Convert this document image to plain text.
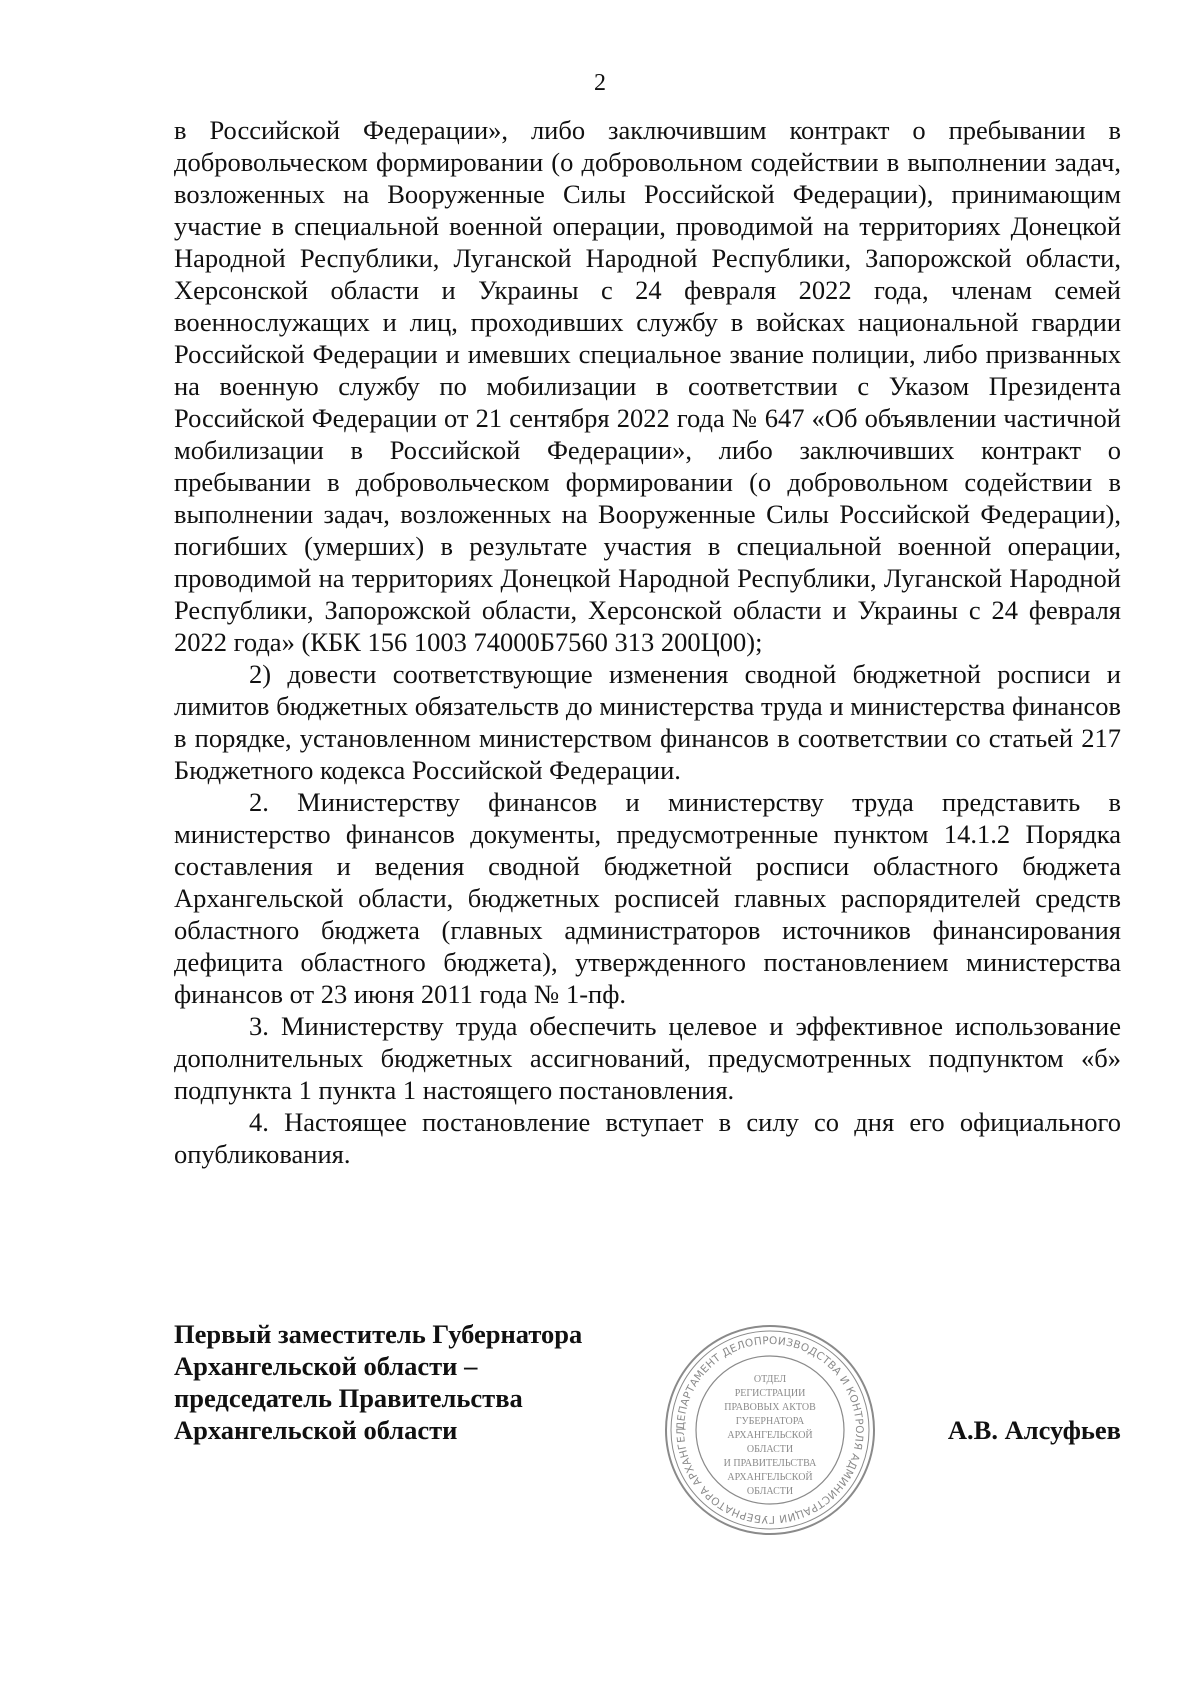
2

в Российской Федерации», либо заключившим контракт о пребывании в добровольческом формировании (о добровольном содействии в выполнении задач, возложенных на Вооруженные Силы Российской Федерации), принимающим участие в специальной военной операции, проводимой на территориях Донецкой Народной Республики, Луганской Народной Республики, Запорожской области, Херсонской области и Украины с 24 февраля 2022 года, членам семей военнослужащих и лиц, проходивших службу в войсках национальной гвардии Российской Федерации и имевших специальное звание полиции, либо призванных на военную службу по мобилизации в соответствии с Указом Президента Российской Федерации от 21 сентября 2022 года № 647 «Об объявлении частичной мобилизации в Российской Федерации», либо заключивших контракт о пребывании в добровольческом формировании (о добровольном содействии в выполнении задач, возложенных на Вооруженные Силы Российской Федерации), погибших (умерших) в результате участия в специальной военной операции, проводимой на территориях Донецкой Народной Республики, Луганской Народной Республики, Запорожской области, Херсонской области и Украины с 24 февраля 2022 года» (КБК 156 1003 74000Б7560 313 200Ц00);

2) довести соответствующие изменения сводной бюджетной росписи и лимитов бюджетных обязательств до министерства труда и министерства финансов в порядке, установленном министерством финансов в соответствии со статьей 217 Бюджетного кодекса Российской Федерации.

2. Министерству финансов и министерству труда представить в министерство финансов документы, предусмотренные пунктом 14.1.2 Порядка составления и ведения сводной бюджетной росписи областного бюджета Архангельской области, бюджетных росписей главных распорядителей средств областного бюджета (главных администраторов источников финансирования дефицита областного бюджета), утвержденного постановлением министерства финансов от 23 июня 2011 года № 1-пф.

3. Министерству труда обеспечить целевое и эффективное использование дополнительных бюджетных ассигнований, предусмотренных подпунктом «б» подпункта 1 пункта 1 настоящего постановления.

4. Настоящее постановление вступает в силу со дня его официального опубликования.

Первый заместитель Губернатора
Архангельской области –
председатель Правительства
Архангельской области	ДЕПАРТАМЕНТ ДЕЛОПРОИЗВОДСТВА И КОНТРОЛЯ АДМИНИСТРАЦИИ ГУБЕРНАТОРА АРХАНГЕЛ
ОТДЕЛ
РЕГИСТРАЦИИ
ПРАВОВЫХ АКТОВ
ГУБЕРНАТОРА
АРХАНГЕЛЬСКОЙ
ОБЛАСТИ
И ПРАВИТЕЛЬСТВА
АРХАНГЕЛЬСКОЙ
ОБЛАСТИ
А.В. Алсуфьев
